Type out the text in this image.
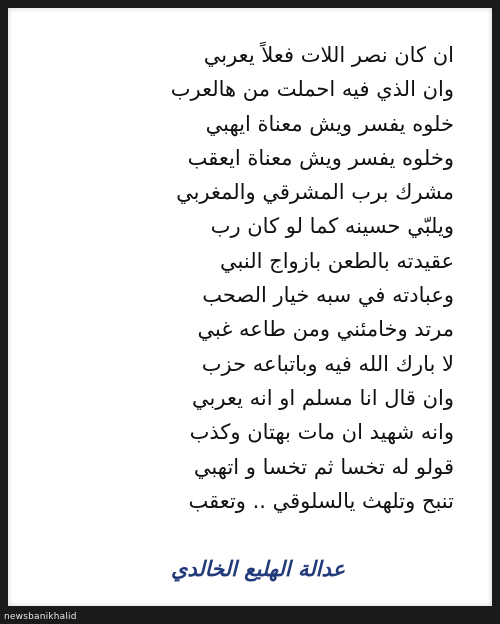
ان كان نصر اللات فعلاً يعربي
وان الذي فيه احملت من هالعرب
خلوه يفسر ويش معناة ايهبي
وخلوه يفسر ويش معناة ايعقب
مشرك برب المشرقي والمغربي
ويلبّي حسينه كما لو كان رب
عقيدته بالطعن بازواج النبي
وعبادته في سبه خيار الصحب
مرتد وخامئني ومن طاعه غبي
لا بارك الله فيه وباتباعه حزب
وان قال انا مسلم او انه يعربي
وانه شهيد ان مات بهتان وكذب
قولو له تخسا ثم تخسا و اتهبي
تنبح وتلهث يالسلوقي .. وتعقب
عدالة الهليع الخالدي
newsbanikhalid
